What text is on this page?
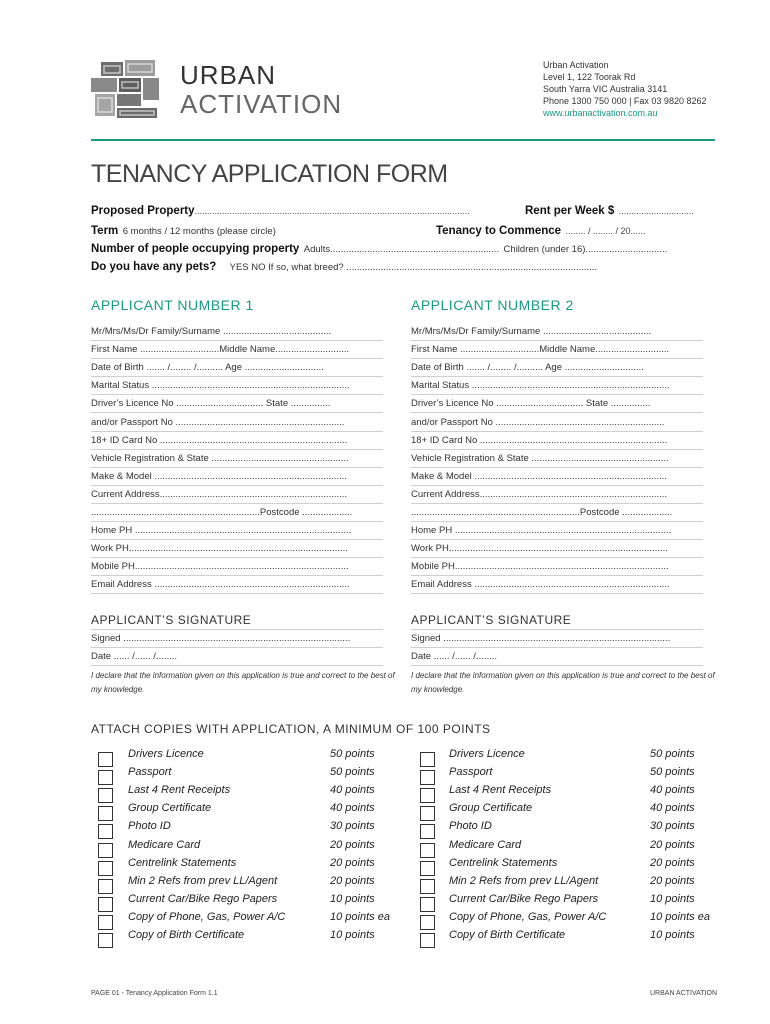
URBAN
ACTIVATION
Urban Activation
Level 1, 122 Toorak Rd
South Yarra VIC Australia 3141
Phone 1300 750 000 | Fax 03 9820 8262
www.urbanactivation.com.au
TENANCY APPLICATION FORM
Proposed Property..............................................................................................................	Rent per Week $ ..............................
Term 6 months / 12 months (please circle)	Tenancy to Commence ........ / ........ / 20......
Number of people occupying property Adults................................................................ Children (under 16)...............................
Do you have any pets? YES NO If so, what breed? ...............................................................................................
APPLICANT NUMBER 1	APPLICANT NUMBER 2
Mr/Mrs/Ms/Dr Family/Surname .........................................
First Name ..............................Middle Name............................
Date of Birth ....... /........ /.......... Age ..............................
Marital Status ...........................................................................
Driver’s Licence No ................................. State ...............
and/or Passport No ................................................................
18+ ID Card No .......................................................................
Vehicle Registration & State ....................................................
Make & Model .........................................................................
Current Address.......................................................................
................................................................Postcode ...................
Home PH ..................................................................................
Work PH...................................................................................
Mobile PH.................................................................................
Email Address ..........................................................................
Mr/Mrs/Ms/Dr Family/Surname .........................................
First Name ..............................Middle Name............................
Date of Birth ....... /........ /.......... Age ..............................
Marital Status ...........................................................................
Driver’s Licence No ................................. State ...............
and/or Passport No ................................................................
18+ ID Card No .......................................................................
Vehicle Registration & State ....................................................
Make & Model .........................................................................
Current Address.......................................................................
................................................................Postcode ...................
Home PH ..................................................................................
Work PH...................................................................................
Mobile PH.................................................................................
Email Address ..........................................................................
APPLICANT’S SIGNATURE	APPLICANT’S SIGNATURE
Signed ......................................................................................	Signed ......................................................................................
Date ...... /...... /........	Date ...... /...... /........
I declare that the information given on this application is true and correct to the best of my knowledge.
I declare that the information given on this application is true and correct to the best of my knowledge.
ATTACH COPIES WITH APPLICATION, A MINIMUM OF 100 POINTS
Drivers Licence	50 points
Passport	50 points
Last 4 Rent Receipts	40 points
Group Certificate	40 points
Photo ID	30 points
Medicare Card	20 points
Centrelink Statements	20 points
Min 2 Refs from prev LL/Agent	20 points
Current Car/Bike Rego Papers	10 points
Copy of Phone, Gas, Power A/C	10 points ea
Copy of Birth Certificate	10 points
Drivers Licence	50 points
Passport	50 points
Last 4 Rent Receipts	40 points
Group Certificate	40 points
Photo ID	30 points
Medicare Card	20 points
Centrelink Statements	20 points
Min 2 Refs from prev LL/Agent	20 points
Current Car/Bike Rego Papers	10 points
Copy of Phone, Gas, Power A/C	10 points ea
Copy of Birth Certificate	10 points
PAGE 01 - Tenancy Application Form 1.1	URBAN ACTIVATION
